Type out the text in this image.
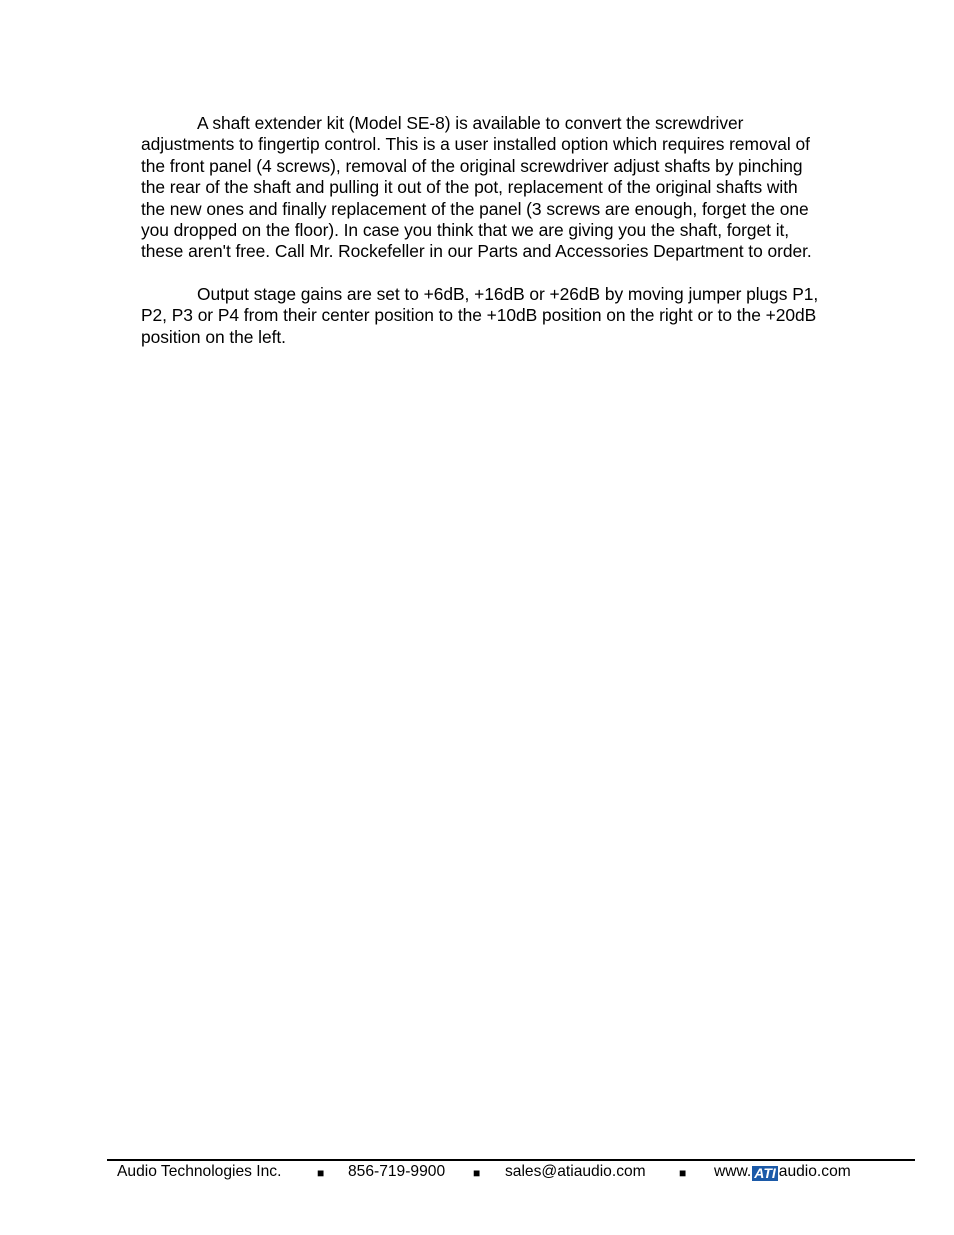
A shaft extender kit (Model SE-8) is available to convert the screwdriver adjustments to fingertip control. This is a user installed option which requires removal of the front panel (4 screws), removal of the original screwdriver adjust shafts by pinching the rear of the shaft and pulling it out of the pot, replacement of the original shafts with the new ones and finally replacement of the panel (3 screws are enough, forget the one you dropped on the floor). In case you think that we are giving you the shaft, forget it, these aren't free. Call Mr. Rockefeller in our Parts and Accessories Department to order.

Output stage gains are set to +6dB, +16dB or +26dB by moving jumper plugs P1, P2, P3 or P4 from their center position to the +10dB position on the right or to the +20dB position on the left.

Audio Technologies Inc.	■ 856-719-9900 ■ sales@atiaudio.com	■ www. ATI audio.com
